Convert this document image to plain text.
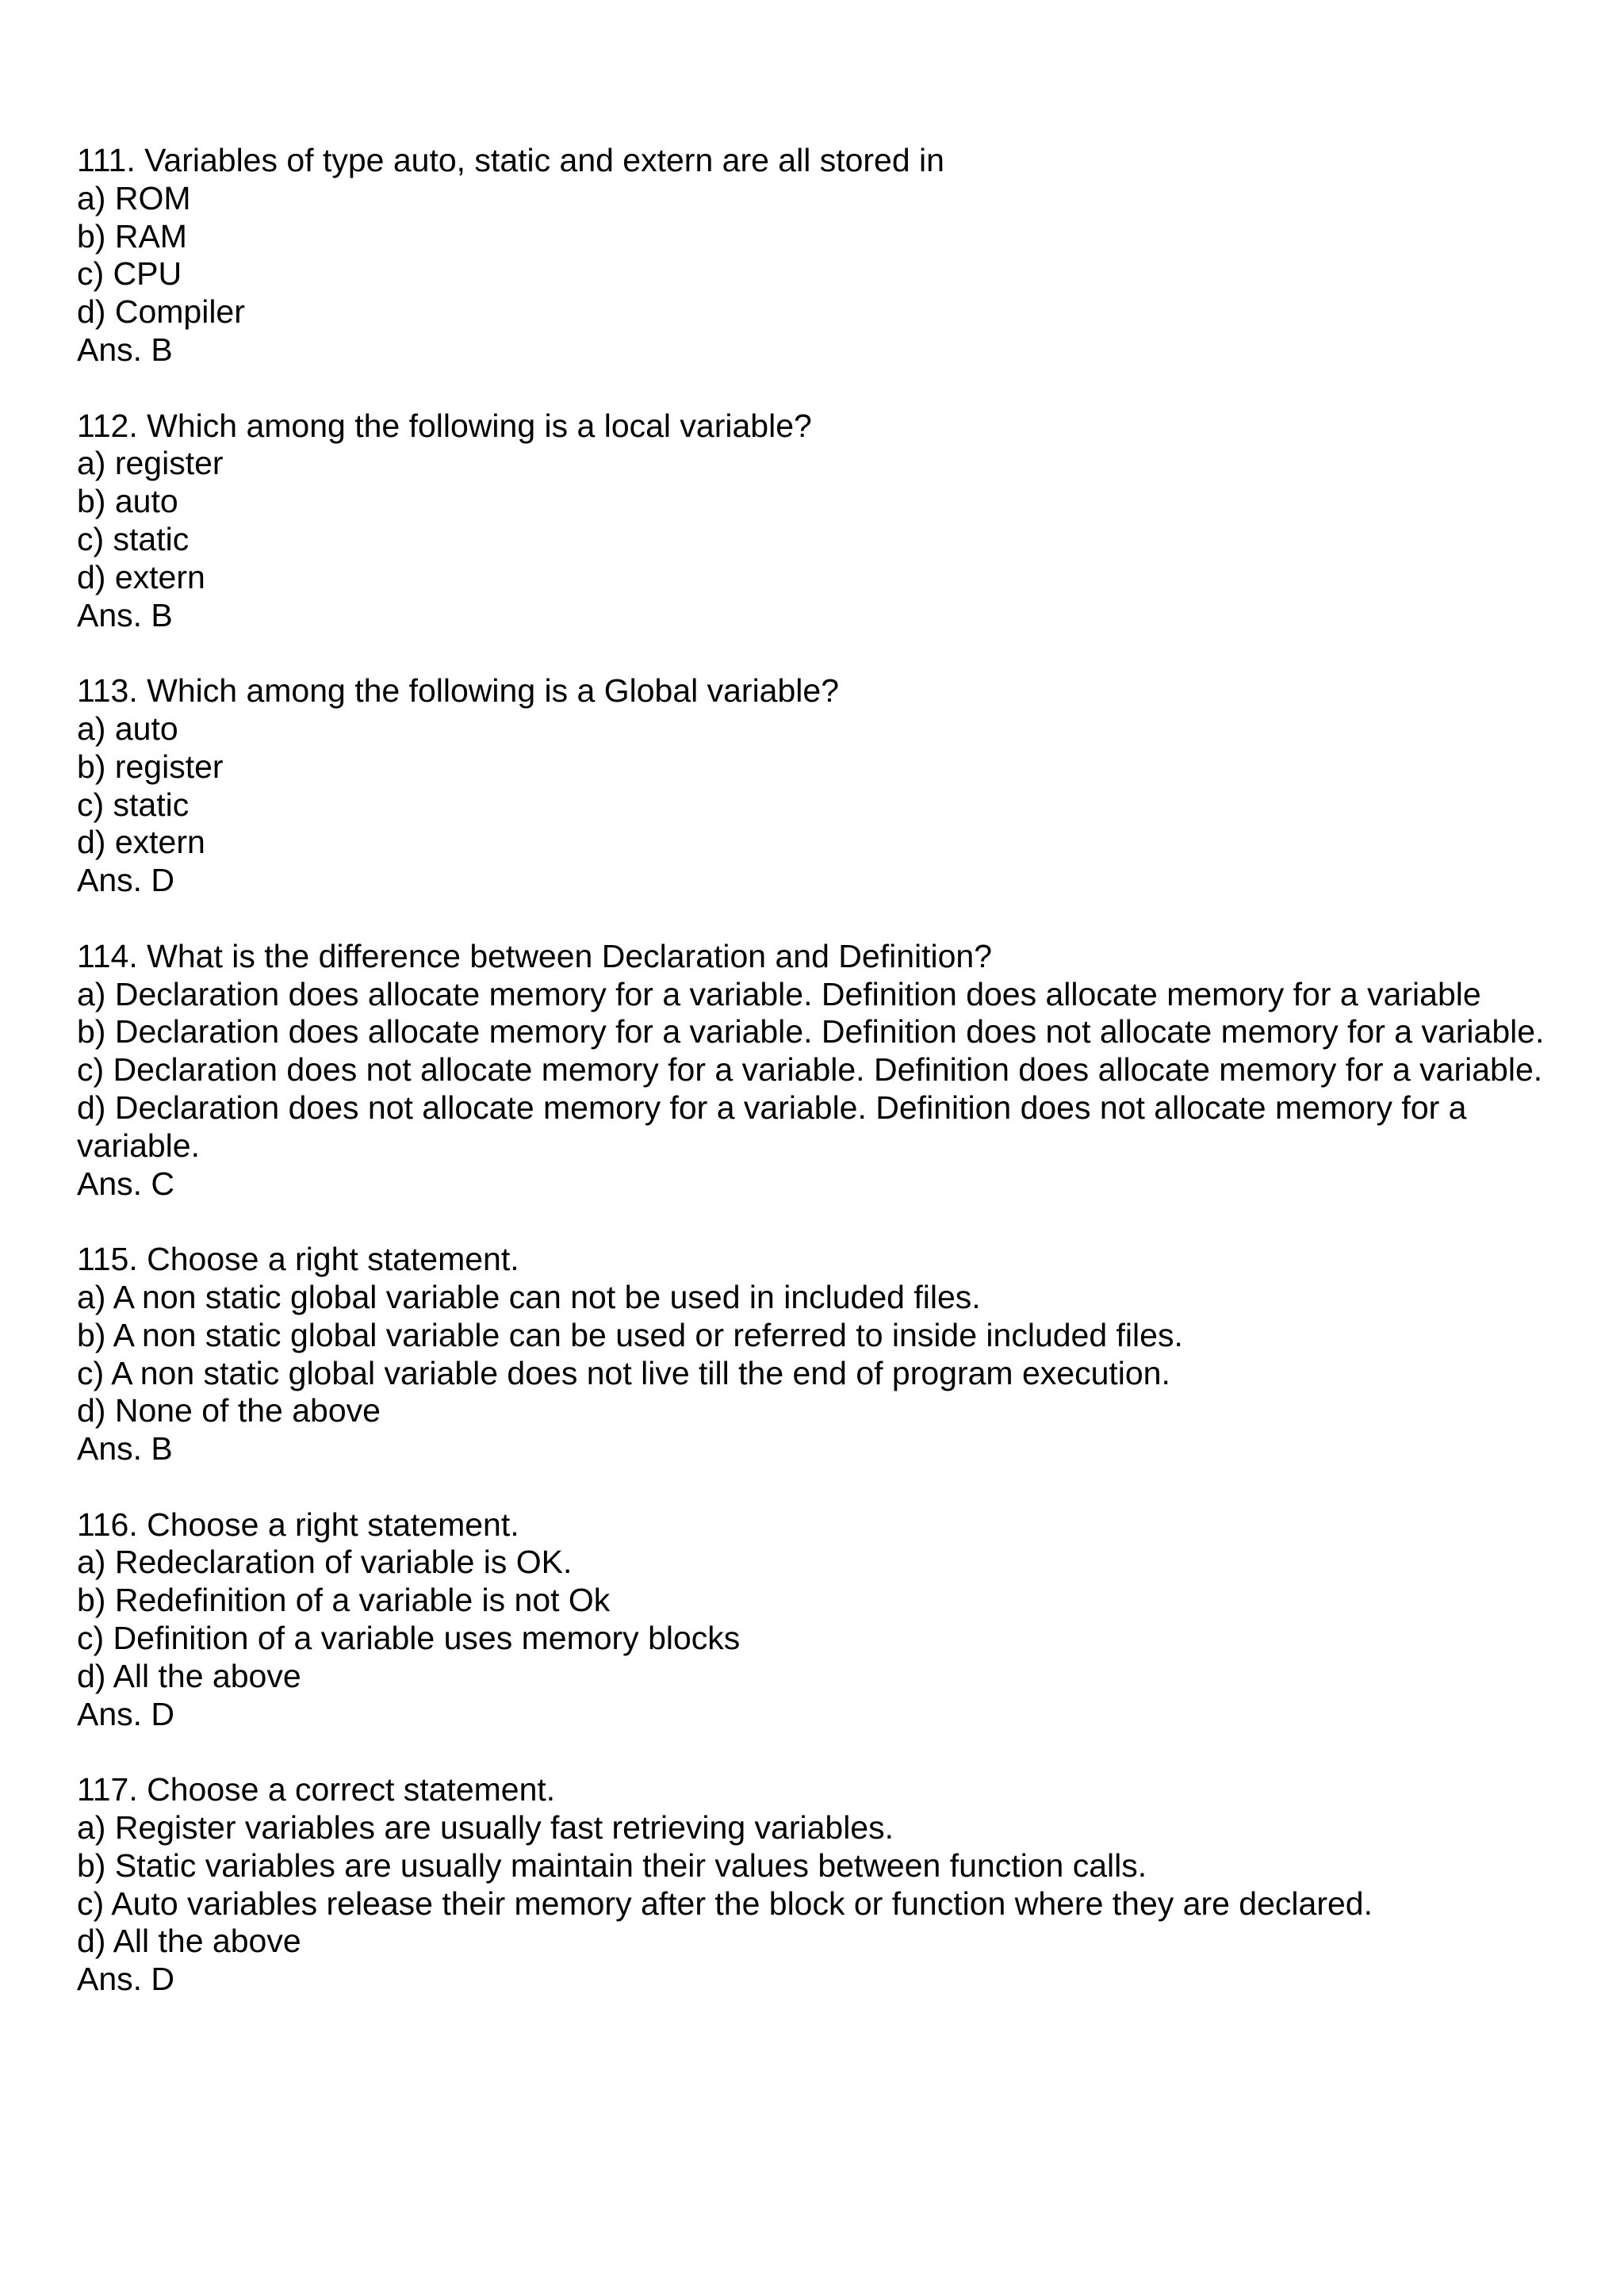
111. Variables of type auto, static and extern are all stored in
a) ROM
b) RAM
c) CPU
d) Compiler
Ans. B
112. Which among the following is a local variable?
a) register
b) auto
c) static
d) extern
Ans. B
113. Which among the following is a Global variable?
a) auto
b) register
c) static
d) extern
Ans. D
114. What is the difference between Declaration and Definition?
a) Declaration does allocate memory for a variable. Definition does allocate memory for a variable
b) Declaration does allocate memory for a variable. Definition does not allocate memory for a variable.
c) Declaration does not allocate memory for a variable. Definition does allocate memory for a variable.
d) Declaration does not allocate memory for a variable. Definition does not allocate memory for a variable.
Ans. C
115. Choose a right statement.
a) A non static global variable can not be used in included files.
b) A non static global variable can be used or referred to inside included files.
c) A non static global variable does not live till the end of program execution.
d) None of the above
Ans. B
116. Choose a right statement.
a) Redeclaration of variable is OK.
b) Redefinition of a variable is not Ok
c) Definition of a variable uses memory blocks
d) All the above
Ans. D
117. Choose a correct statement.
a) Register variables are usually fast retrieving variables.
b) Static variables are usually maintain their values between function calls.
c) Auto variables release their memory after the block or function where they are declared.
d) All the above
Ans. D
